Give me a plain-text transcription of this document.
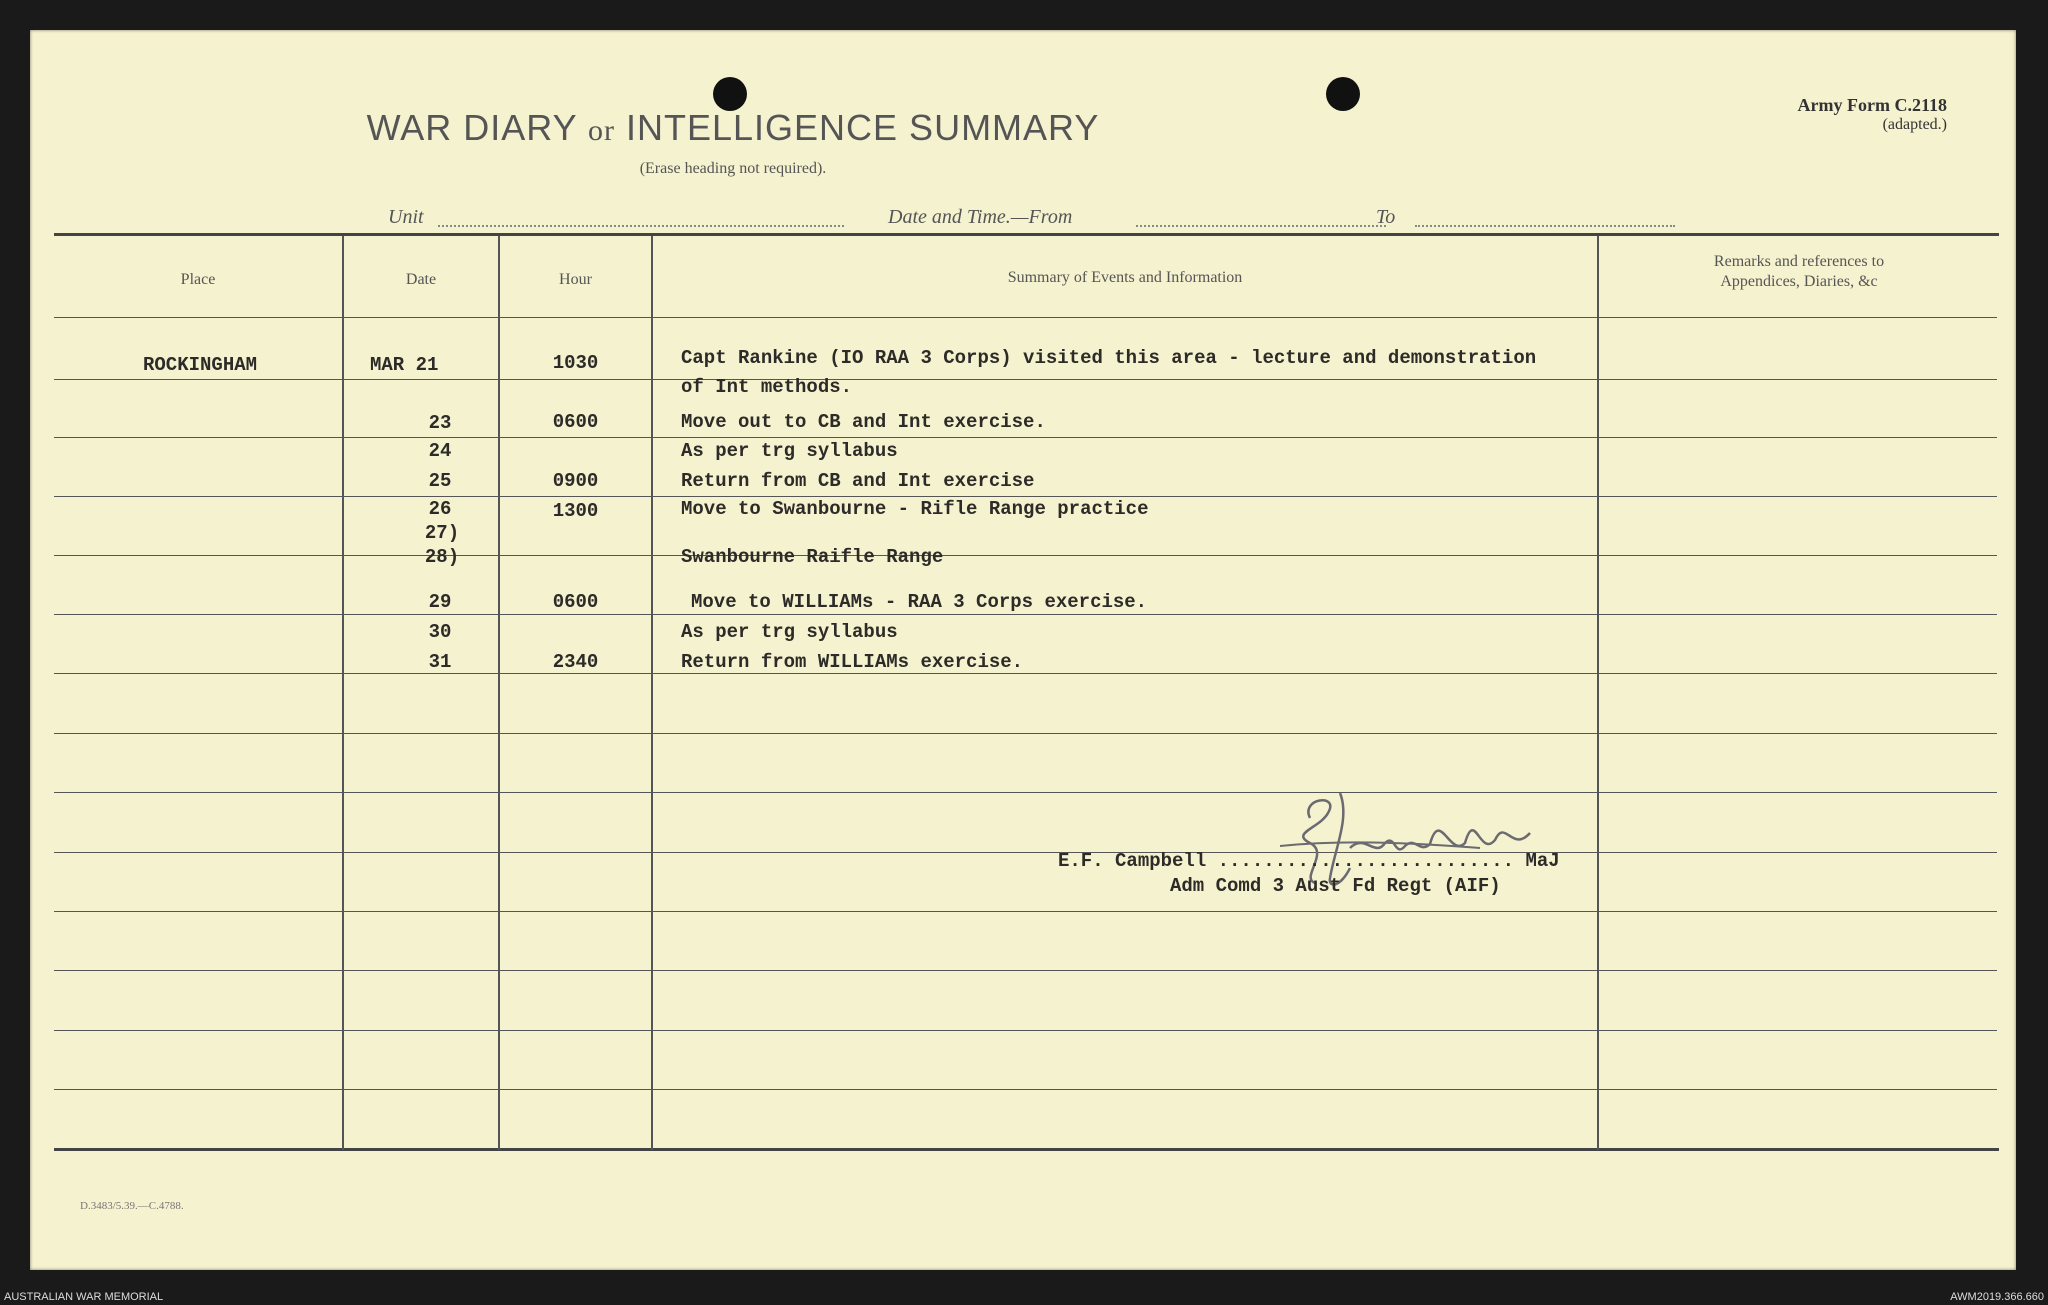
Army Form C.2118
(adapted.)
WAR DIARY or INTELLIGENCE SUMMARY
(Erase heading not required).
Unit	Date and Time.—From	To
Place	Date	Hour	Summary of Events and Information
Remarks and references to
Appendices, Diaries, &c
ROCKINGHAM	MAR 21	1030	Capt Rankine (IO RAA 3 Corps) visited this area - lecture and demonstration
of Int methods.
23	0600	Move out to CB and Int exercise.
24	As per trg syllabus
25	0900	Return from CB and Int exercise
26	1300	Move to Swanbourne - Rifle Range practice
27)
28)	Swanbourne Raifle Range
29	0600	Move to WILLIAMs - RAA 3 Corps exercise.
30	As per trg syllabus
31	2340	Return from WILLIAMs exercise.
E.F. Campbell .......................... MaJ
Adm Comd 3 Aust Fd Regt (AIF)
D.3483/5.39.—C.4788.
AUSTRALIAN WAR MEMORIAL	AWM2019.366.660
